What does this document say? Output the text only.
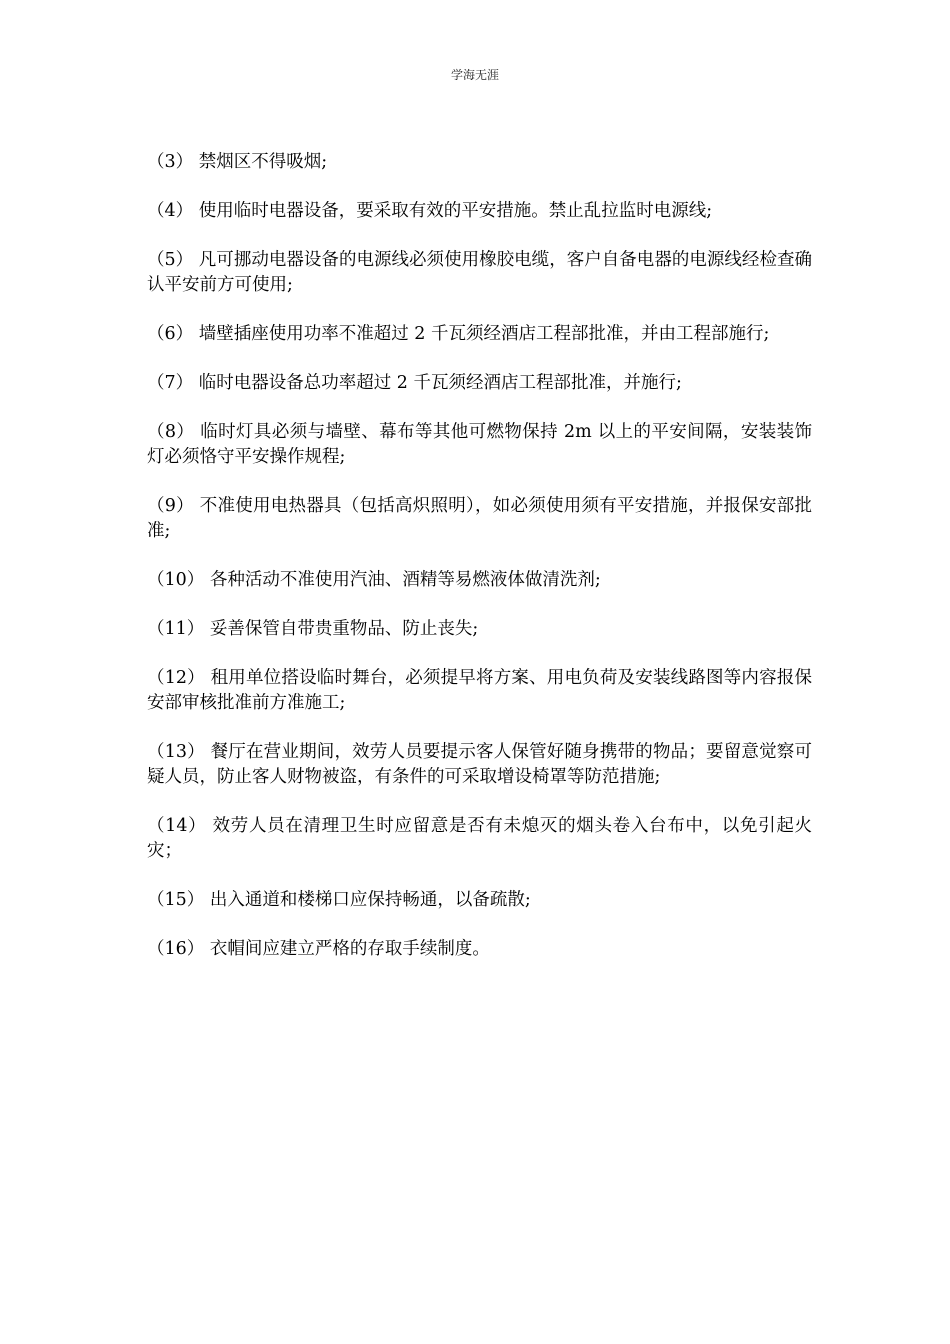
学海无涯

（3） 禁烟区不得吸烟;

（4） 使用临时电器设备，要采取有效的平安措施。禁止乱拉监时电源线;

（5） 凡可挪动电器设备的电源线必须使用橡胶电缆，客户自备电器的电源线经检查确认平安前方可使用;

（6） 墙壁插座使用功率不准超过 2 千瓦须经酒店工程部批准，并由工程部施行;

（7） 临时电器设备总功率超过 2 千瓦须经酒店工程部批准，并施行;

（8） 临时灯具必须与墙壁、幕布等其他可燃物保持 2m 以上的平安间隔，安装装饰灯必须恪守平安操作规程;

（9） 不准使用电热器具（包括高炽照明），如必须使用须有平安措施，并报保安部批准;

（10） 各种活动不准使用汽油、酒精等易燃液体做清洗剂;

（11） 妥善保管自带贵重物品、防止丧失;

（12） 租用单位搭设临时舞台，必须提早将方案、用电负荷及安装线路图等内容报保安部审核批准前方准施工;

（13） 餐厅在营业期间，效劳人员要提示客人保管好随身携带的物品；要留意觉察可疑人员，防止客人财物被盗，有条件的可采取增设椅罩等防范措施;

（14） 效劳人员在清理卫生时应留意是否有未熄灭的烟头卷入台布中，以免引起火灾；

（15） 出入通道和楼梯口应保持畅通，以备疏散;

（16） 衣帽间应建立严格的存取手续制度。
